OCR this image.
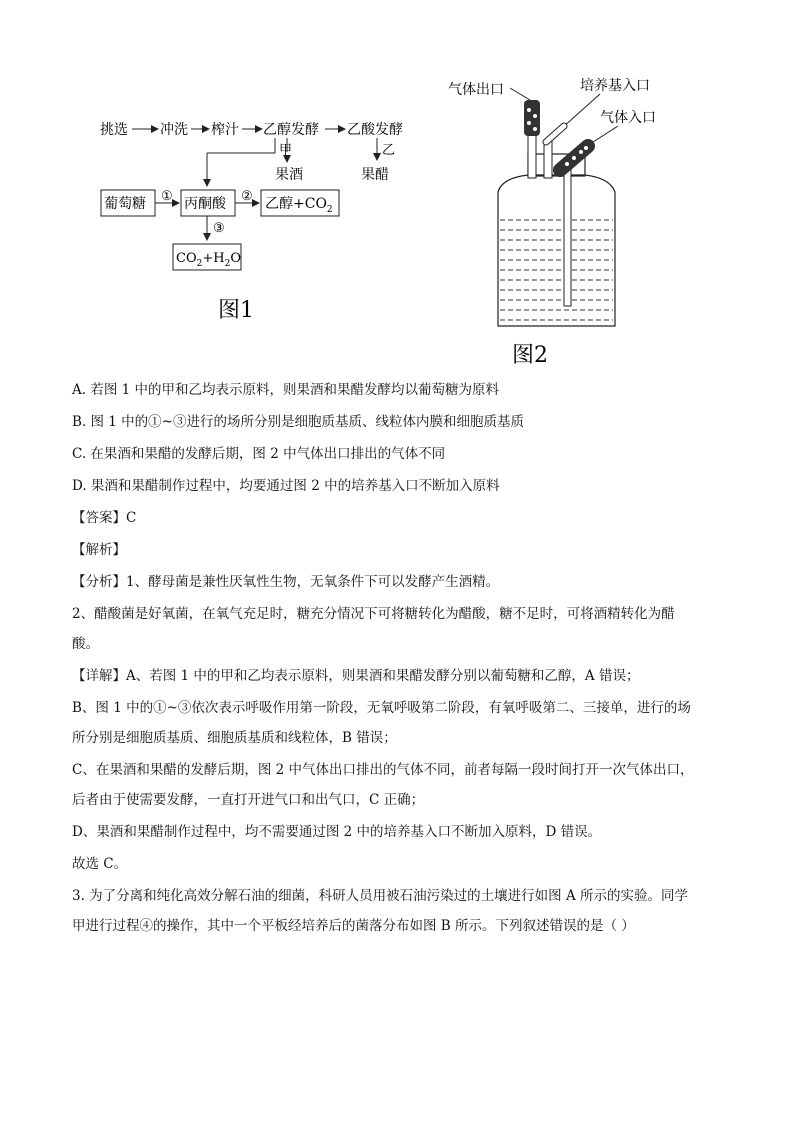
挑选 冲洗 榨汁 乙醇发酵 乙酸发酵
甲
果酒
乙
果醋
葡萄糖 ① 丙酮酸 ② 乙醇$+CO_2$
③
$CO_2+H_2O$
图1
气体出口	培养基入口
气体入口
图2
A. 若图 1 中的甲和乙均表示原料，则果酒和果醋发酵均以葡萄糖为原料
B. 图 1 中的①~③进行的场所分别是细胞质基质、线粒体内膜和细胞质基质
C. 在果酒和果醋的发酵后期，图 2 中气体出口排出的气体不同
D. 果酒和果醋制作过程中，均要通过图 2 中的培养基入口不断加入原料
【答案】C
【解析】
【分析】1、酵母菌是兼性厌氧性生物，无氧条件下可以发酵产生酒精。
2、醋酸菌是好氧菌，在氧气充足时，糖充分情况下可将糖转化为醋酸，糖不足时，可将酒精转化为醋
酸。
【详解】A、若图 1 中的甲和乙均表示原料，则果酒和果醋发酵分别以葡萄糖和乙醇，A 错误；
B、图 1 中的①~③依次表示呼吸作用第一阶段，无氧呼吸第二阶段，有氧呼吸第二、三接单，进行的场
所分别是细胞质基质、细胞质基质和线粒体，B 错误；
C、在果酒和果醋的发酵后期，图 2 中气体出口排出的气体不同，前者每隔一段时间打开一次气体出口，
后者由于使需要发酵，一直打开进气口和出气口，C 正确；
D、果酒和果醋制作过程中，均不需要通过图 2 中的培养基入口不断加入原料，D 错误。
故选 C。
3. 为了分离和纯化高效分解石油的细菌，科研人员用被石油污染过的土壤进行如图 A 所示的实验。同学
甲进行过程④的操作，其中一个平板经培养后的菌落分布如图 B 所示。下列叙述错误的是（ ）
